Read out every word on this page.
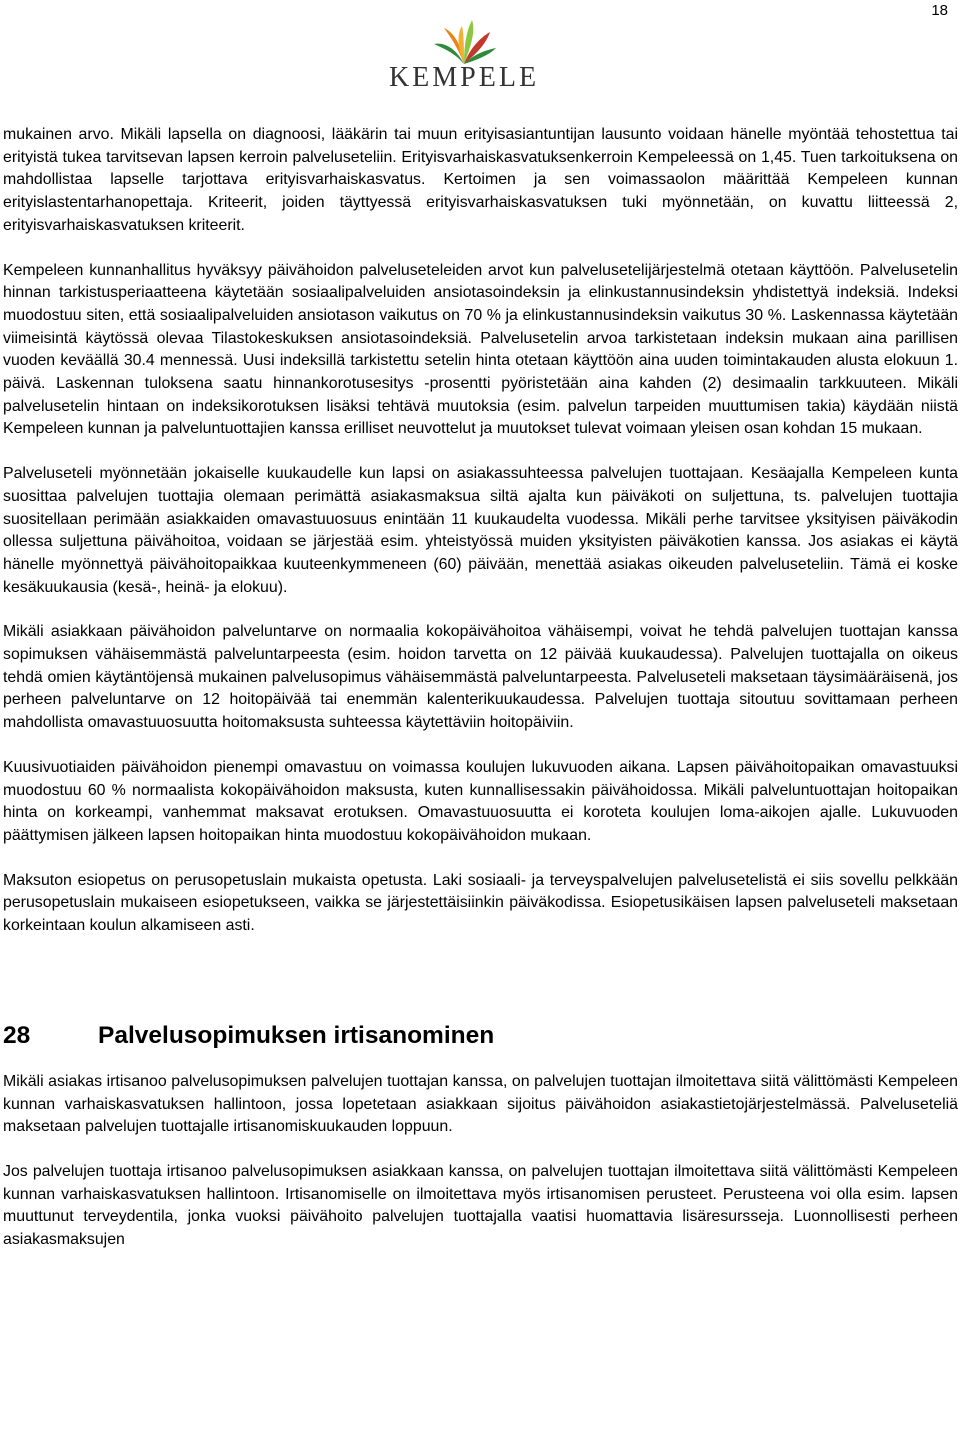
18
KEMPELE

mukainen arvo. Mikäli lapsella on diagnoosi, lääkärin tai muun erityisasiantuntijan lausunto voidaan hänelle myöntää tehostettua tai erityistä tukea tarvitsevan lapsen kerroin palveluseteliin. Erityisvarhaiskasvatuksenkerroin Kempeleessä on 1,45. Tuen tarkoituksena on mahdollistaa lapselle tarjottava erityisvarhaiskasvatus. Kertoimen ja sen voimassaolon määrittää Kempeleen kunnan erityislastentarhanopettaja. Kriteerit, joiden täyttyessä erityisvarhaiskasvatuksen tuki myönnetään, on kuvattu liitteessä 2, erityisvarhaiskasvatuksen kriteerit.

Kempeleen kunnanhallitus hyväksyy päivähoidon palveluseteleiden arvot kun palvelusetelijärjestelmä otetaan käyttöön. Palvelusetelin hinnan tarkistusperiaatteena käytetään sosiaalipalveluiden ansiotasoindeksin ja elinkustannusindeksin yhdistettyä indeksiä. Indeksi muodostuu siten, että sosiaalipalveluiden ansiotason vaikutus on 70 % ja elinkustannusindeksin vaikutus 30 %. Laskennassa käytetään viimeisintä käytössä olevaa Tilastokeskuksen ansiotasoindeksiä. Palvelusetelin arvoa tarkistetaan indeksin mukaan aina parillisen vuoden keväällä 30.4 mennessä. Uusi indeksillä tarkistettu setelin hinta otetaan käyttöön aina uuden toimintakauden alusta elokuun 1. päivä. Laskennan tuloksena saatu hinnankorotusesitys -prosentti pyöristetään aina kahden (2) desimaalin tarkkuuteen. Mikäli palvelusetelin hintaan on indeksikorotuksen lisäksi tehtävä muutoksia (esim. palvelun tarpeiden muuttumisen takia) käydään niistä Kempeleen kunnan ja palveluntuottajien kanssa erilliset neuvottelut ja muutokset tulevat voimaan yleisen osan kohdan 15 mukaan.

Palveluseteli myönnetään jokaiselle kuukaudelle kun lapsi on asiakassuhteessa palvelujen tuottajaan. Kesäajalla Kempeleen kunta suosittaa palvelujen tuottajia olemaan perimättä asiakasmaksua siltä ajalta kun päiväkoti on suljettuna, ts. palvelujen tuottajia suositellaan perimään asiakkaiden omavastuuosuus enintään 11 kuukaudelta vuodessa. Mikäli perhe tarvitsee yksityisen päiväkodin ollessa suljettuna päivähoitoa, voidaan se järjestää esim. yhteistyössä muiden yksityisten päiväkotien kanssa. Jos asiakas ei käytä hänelle myönnettyä päivähoitopaikkaa kuuteenkymmeneen (60) päivään, menettää asiakas oikeuden palveluseteliin. Tämä ei koske kesäkuukausia (kesä-, heinä- ja elokuu).

Mikäli asiakkaan päivähoidon palveluntarve on normaalia kokopäivähoitoa vähäisempi, voivat he tehdä palvelujen tuottajan kanssa sopimuksen vähäisemmästä palveluntarpeesta (esim. hoidon tarvetta on 12 päivää kuukaudessa). Palvelujen tuottajalla on oikeus tehdä omien käytäntöjensä mukainen palvelusopimus vähäisemmästä palveluntarpeesta. Palveluseteli maksetaan täysimääräisenä, jos perheen palveluntarve on 12 hoitopäivää tai enemmän kalenterikuukaudessa. Palvelujen tuottaja sitoutuu sovittamaan perheen mahdollista omavastuuosuutta hoitomaksusta suhteessa käytettäviin hoitopäiviin.

Kuusivuotiaiden päivähoidon pienempi omavastuu on voimassa koulujen lukuvuoden aikana. Lapsen päivähoitopaikan omavastuuksi muodostuu 60 % normaalista kokopäivähoidon maksusta, kuten kunnallisessakin päivähoidossa. Mikäli palveluntuottajan hoitopaikan hinta on korkeampi, vanhemmat maksavat erotuksen. Omavastuuosuutta ei koroteta koulujen loma-aikojen ajalle. Lukuvuoden päättymisen jälkeen lapsen hoitopaikan hinta muodostuu kokopäivähoidon mukaan.

Maksuton esiopetus on perusopetuslain mukaista opetusta. Laki sosiaali- ja terveyspalvelujen palvelusetelistä ei siis sovellu pelkkään perusopetuslain mukaiseen esiopetukseen, vaikka se järjestettäisiinkin päiväkodissa. Esiopetusikäisen lapsen palveluseteli maksetaan korkeintaan koulun alkamiseen asti.

28	Palvelusopimuksen irtisanominen

Mikäli asiakas irtisanoo palvelusopimuksen palvelujen tuottajan kanssa, on palvelujen tuottajan ilmoitettava siitä välittömästi Kempeleen kunnan varhaiskasvatuksen hallintoon, jossa lopetetaan asiakkaan sijoitus päivähoidon asiakastietojärjestelmässä. Palveluseteliä maksetaan palvelujen tuottajalle irtisanomiskuukauden loppuun.

Jos palvelujen tuottaja irtisanoo palvelusopimuksen asiakkaan kanssa, on palvelujen tuottajan ilmoitettava siitä välittömästi Kempeleen kunnan varhaiskasvatuksen hallintoon. Irtisanomiselle on ilmoitettava myös irtisanomisen perusteet. Perusteena voi olla esim. lapsen muuttunut terveydentila, jonka vuoksi päivähoito palvelujen tuottajalla vaatisi huomattavia lisäresursseja. Luonnollisesti perheen asiakasmaksujen
